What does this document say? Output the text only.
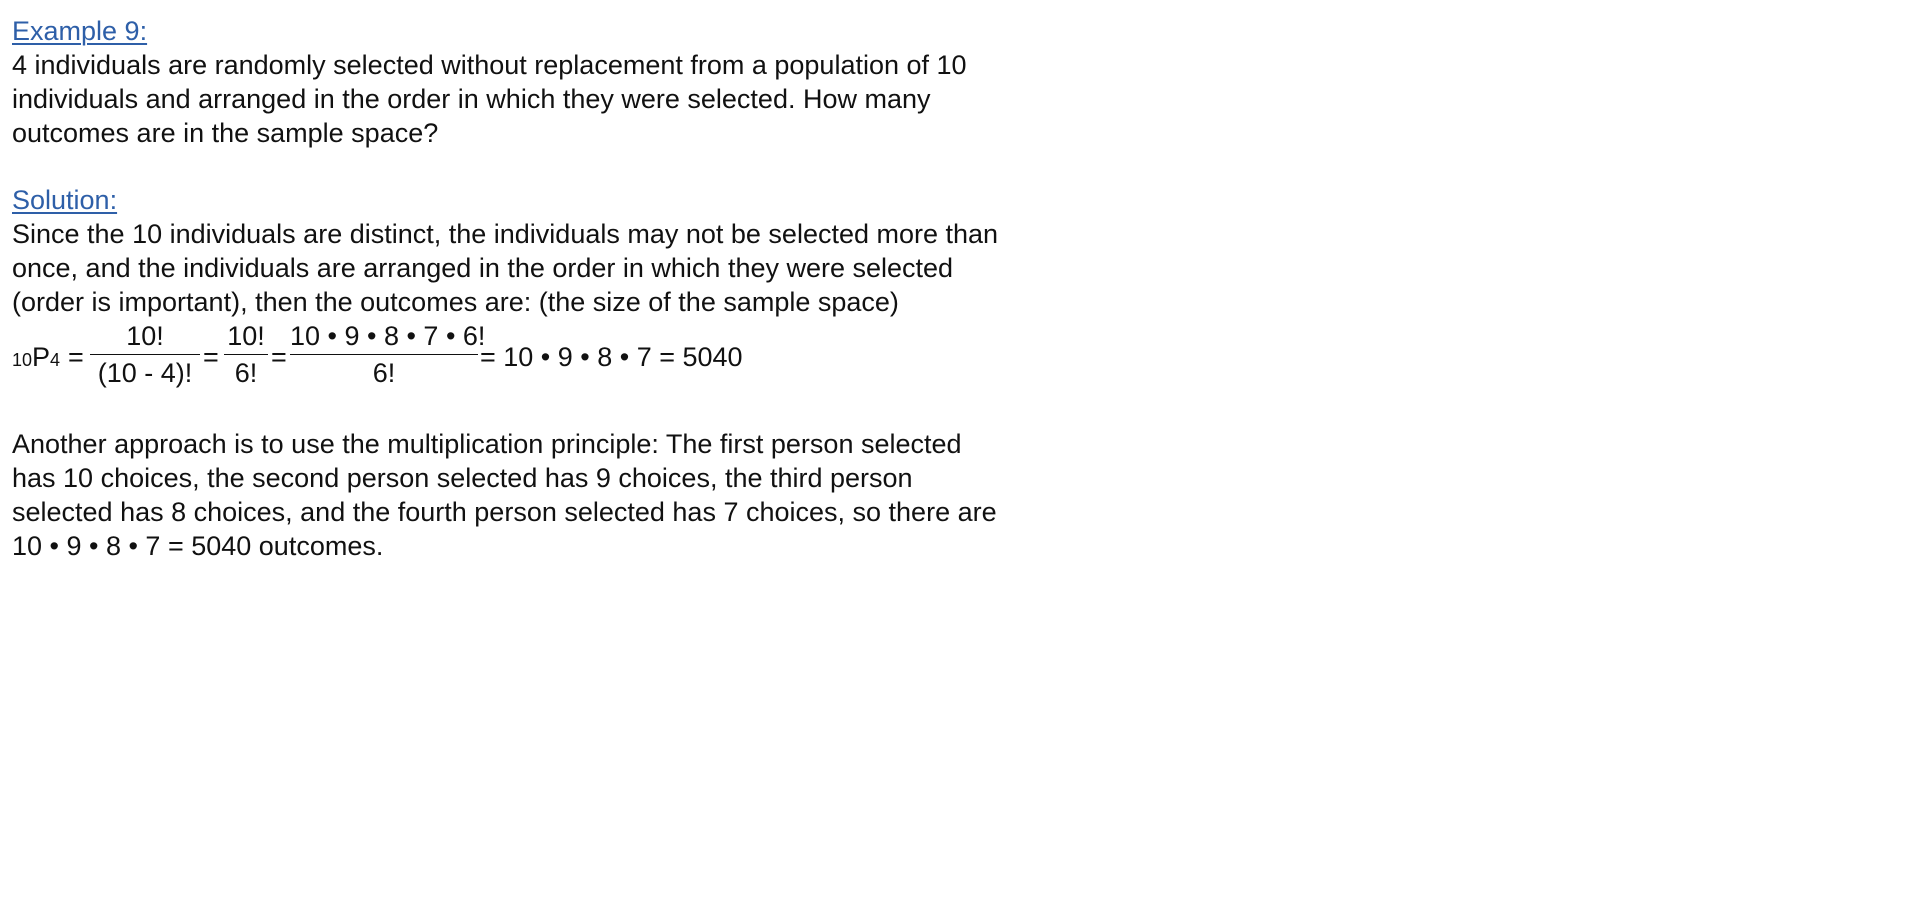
Example 9:

4 individuals are randomly selected without replacement from a population of 10
individuals and arranged in the order in which they were selected. How many
outcomes are in the sample space?

Solution:

Since the 10 individuals are distinct, the individuals may not be selected more than
once, and the individuals are arranged in the order in which they were selected
(order is important), then the outcomes are: (the size of the sample space)

$10P4 = \frac{10!}{(10 - 4)!} = \frac{10!}{6!} = \frac{10 • 9 • 8 • 7 • 6!}{6!} = 10$ • 9 • 8 • 7 = 5040

Another approach is to use the multiplication principle: The first person selected
has 10 choices, the second person selected has 9 choices, the third person
selected has 8 choices, and the fourth person selected has 7 choices, so there are
10 • 9 • 8 • 7 = 5040 outcomes.
